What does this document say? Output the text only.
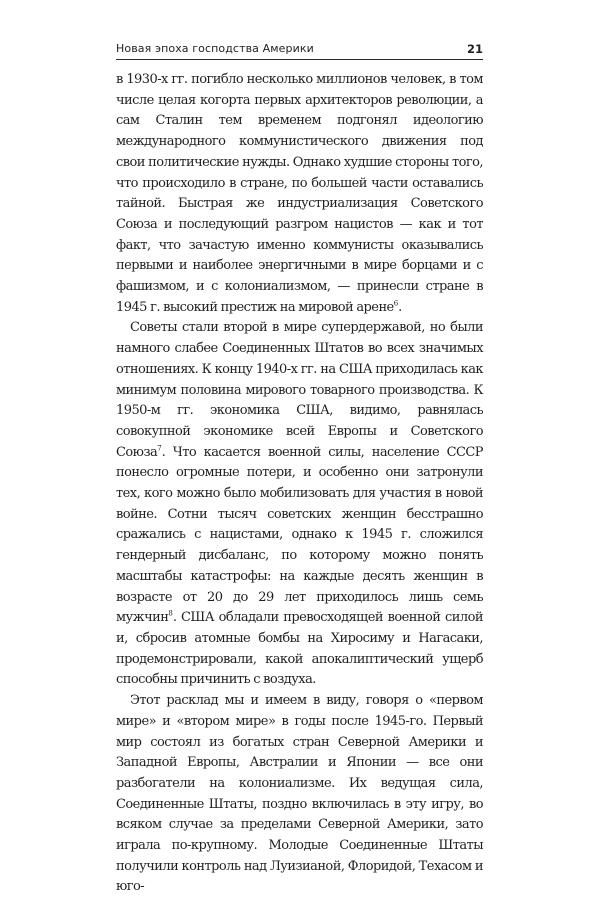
Новая эпоха господства Америки	21

в 1930-х гг. погибло несколько миллионов человек, в том числе целая когорта первых архитекторов революции, а сам Сталин тем временем подгонял идеологию международного коммунистического движения под свои политические нужды. Однако худшие стороны того, что происходило в стране, по большей части оставались тайной. Быстрая же индустриализация Советского Союза и последующий разгром нацистов — как и тот факт, что зачастую именно коммунисты оказывались первыми и наиболее энергичными в мире борцами и с фашизмом, и с колониализмом, — принесли стране в 1945 г. высокий престиж на мировой арене$^6$.

Советы стали второй в мире супердержавой, но были намного слабее Соединенных Штатов во всех значимых отношениях. К концу 1940-х гг. на США приходилась как минимум половина мирового товарного производства. К 1950-м гг. экономика США, видимо, равнялась совокупной экономике всей Европы и Советского Союза$^7$. Что касается военной силы, население СССР понесло огромные потери, и особенно они затронули тех, кого можно было мобилизовать для участия в новой войне. Сотни тысяч советских женщин бесстрашно сражались с нацистами, однако к 1945 г. сложился гендерный дисбаланс, по которому можно понять масштабы катастрофы: на каждые десять женщин в возрасте от 20 до 29 лет приходилось лишь семь мужчин$^8$. США обладали превосходящей военной силой и, сбросив атомные бомбы на Хиросиму и Нагасаки, продемонстрировали, какой апокалиптический ущерб способны причинить с воздуха.

Этот расклад мы и имеем в виду, говоря о «первом мире» и «втором мире» в годы после 1945-го. Первый мир состоял из богатых стран Северной Америки и Западной Европы, Австралии и Японии — все они разбогатели на колониализме. Их ведущая сила, Соединенные Штаты, поздно включилась в эту игру, во всяком случае за пределами Северной Америки, зато играла по-крупному. Молодые Соединенные Штаты получили контроль над Луизианой, Флоридой, Техасом и юго-
